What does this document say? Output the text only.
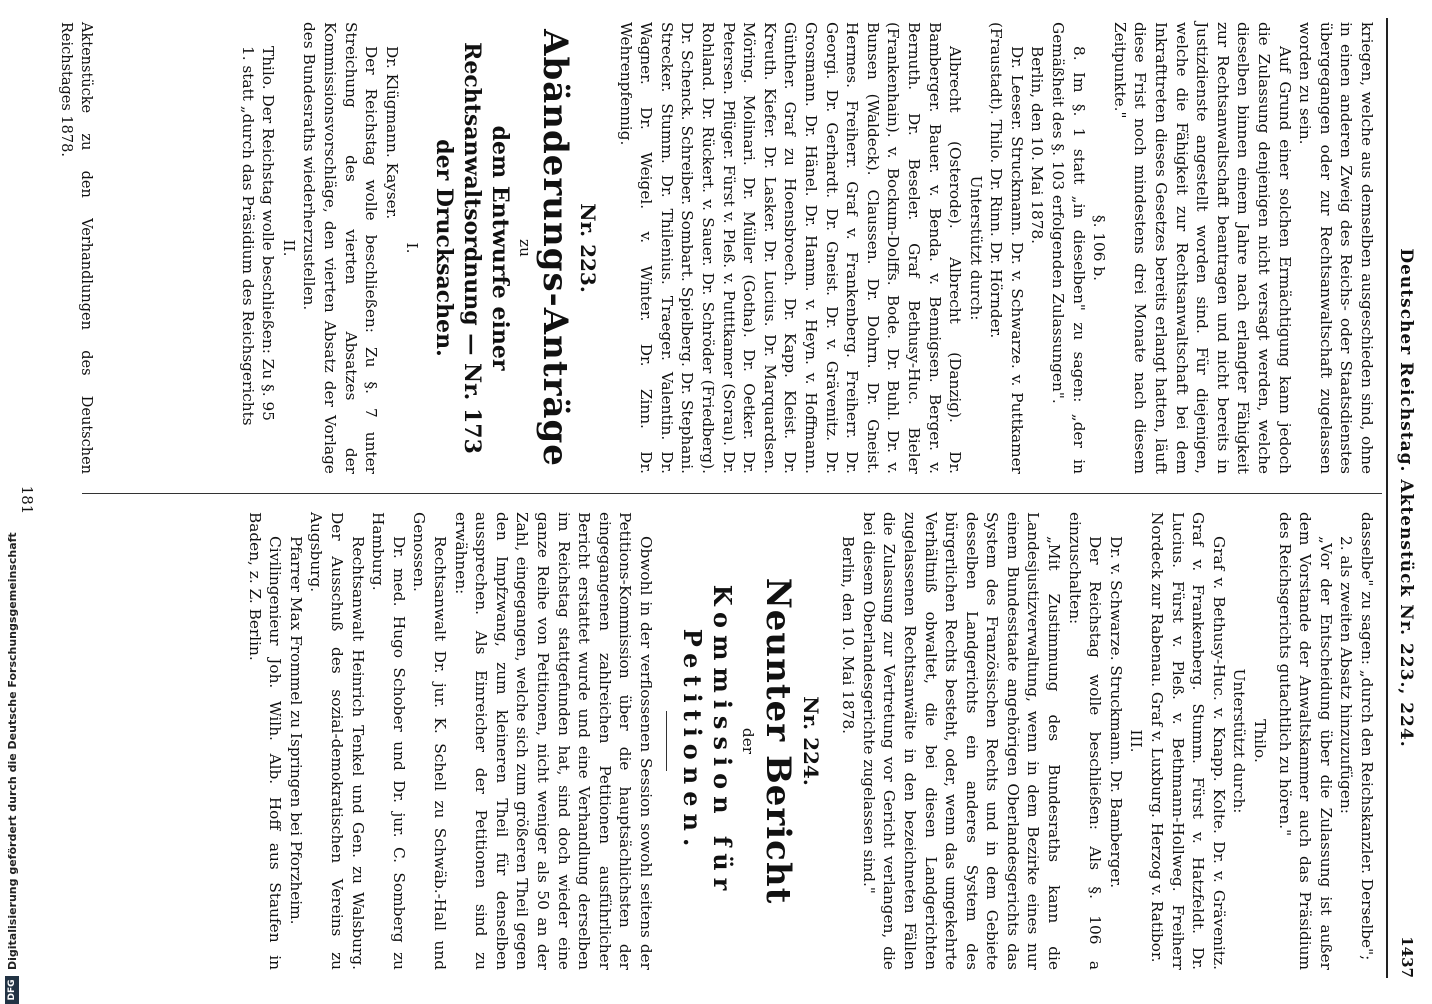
Deutscher Reichstag. Aktenstück Nr. 223., 224.
1437

kriegen, welche aus demselben ausgeschieden sind, ohne in einen anderen Zweig des Reichs- oder Staatsdienstes übergegangen oder zur Rechtsanwaltschaft zugelassen worden zu sein.

Auf Grund einer solchen Ermächtigung kann jedoch die Zulassung denjenigen nicht versagt werden, welche dieselben binnen einem Jahre nach erlangter Fähigkeit zur Rechtsanwaltschaft beantragen und nicht bereits in Justizdienste angestellt worden sind. Für diejenigen, welche die Fähigkeit zur Rechtsanwaltschaft bei dem Inkrafttreten dieses Gesetzes bereits erlangt hatten, läuft diese Frist noch mindestens drei Monate nach diesem Zeitpunkte."

§. 106 b.

8. Im §. 1 statt „in dieselben" zu sagen: „der in Gemäßheit des §. 103 erfolgenden Zulassungen".

Berlin, den 10. Mai 1878.

Dr. Leeser. Struckmann. Dr. v. Schwarze. v. Puttkamer (Fraustadt). Thilo. Dr. Rinn. Dr. Hörnder.

Unterstützt durch:

Albrecht (Osterode). Albrecht (Danzig). Dr. Bamberger. Bauer. v. Benda. v. Bennigsen. Berger. v. Bernuth. Dr. Beseler. Graf Bethusy-Huc. Bieler (Frankenhain). v. Bockum-Dolffs. Bode. Dr. Buhl. Dr. v. Bunsen (Waldeck). Claussen. Dr. Dohrn. Dr. Gneist. Hermes. Freiherr. Graf v. Frankenberg. Freiherr. Dr. Georgi. Dr. Gerhardt. Dr. Gneist. Dr. v. Grävenitz. Dr. Grosmann. Dr. Hänel. Dr. Hamm. v. Heyn. v. Hoffmann. Günther. Graf zu Hoensbroech. Dr. Kapp. Kleist. Dr. Kreuth. Kiefer. Dr. Lasker. Dr. Lucius. Dr. Marquardsen. Möring. Molinari. Dr. Müller (Gotha). Dr. Oetker. Dr. Petersen. Pflüger. Fürst v. Pleß. v. Putttkamer (Sorau). Dr. Rohland. Dr. Rückert. v. Sauer. Dr. Schröder (Friedberg). Dr. Schenck. Schreiber. Sombart. Spielberg. Dr. Stephani. Strecker. Stumm. Dr. Thilenius. Traeger. Valentin. Dr. Wagner. Dr. Weigel. v. Winter. Dr. Zinn. Dr. Wehrenpfennig.

Nr. 223.

Abänderungs-Anträge

zu

dem Entwurfe einer Rechtsanwaltsordnung — Nr. 173 der Drucksachen.

I.

Dr. Klügmann. Kayser.

Der Reichstag wolle beschließen: Zu §. 7 unter Streichung des vierten Absatzes der Kommissionsvorschläge, den vierten Absatz der Vorlage des Bundesraths wiederherzustellen.

II.

Thilo. Der Reichstag wolle beschließen: Zu §. 95

1. statt „durch das Präsidium des Reichsgerichts

Aktenstücke zu den Verhandlungen des Deutschen Reichstages 1878.
181

dasselbe" zu sagen: „durch den Reichskanzler. Derselbe";

2. als zweiten Absatz hinzuzufügen:

„Vor der Entscheidung über die Zulassung ist außer dem Vorstande der Anwaltskammer auch das Präsidium des Reichsgerichts gutachtlich zu hören."

Thilo.

Unterstützt durch:

Graf v. Bethusy-Huc. v. Knapp. Kolte. Dr. v. Grävenitz. Graf v. Frankenberg. Stumm. Fürst v. Hatzfeldt. Dr. Lucius. Fürst v. Pleß. v. Bethmann-Hollweg. Freiherr Nordeck zur Rabenau. Graf v. Luxburg. Herzog v. Ratibor.

III.

Dr. v. Schwarze. Struckmann. Dr. Bamberger.

Der Reichstag wolle beschließen: Als §. 106 a einzuschalten:

„Mit Zustimmung des Bundesraths kann die Landesjustizverwaltung, wenn in dem Bezirke eines nur einem Bundesstaate angehörigen Oberlandesgerichts das System des Französischen Rechts und in dem Gebiete desselben Landgerichts ein anderes System des bürgerlichen Rechts besteht, oder, wenn das umgekehrte Verhältniß obwaltet, die bei diesen Landgerichten zugelassenen Rechtsanwälte in den bezeichneten Fällen die Zulassung zur Vertretung vor Gericht verlangen, die bei diesem Oberlandesgerichte zugelassen sind."

Berlin, den 10. Mai 1878.

Nr. 224.

Neunter Bericht

der

Kommission für Petitionen.

Obwohl in der verflossenen Session sowohl seitens der Petitions-Kommission über die hauptsächlichsten der eingegangenen zahlreichen Petitionen ausführlicher Bericht erstattet wurde und eine Verhandlung derselben im Reichstag stattgefunden hat, sind doch wieder eine ganze Reihe von Petitionen, nicht weniger als 50 an der Zahl, eingegangen, welche sich zum größeren Theil gegen den Impfzwang, zum kleineren Theil für denselben aussprechen. Als Einreicher der Petitionen sind zu erwähnen:

Rechtsanwalt Dr. jur. K. Schell zu Schwäb.-Hall und Genossen.

Dr. med. Hugo Schober und Dr. jur. C. Somberg zu Hamburg.

Rechtsanwalt Heinrich Tenkel und Gen. zu Walsburg. Der Ausschuß des sozial-demokratischen Vereins zu Augsburg.

Pfarrer Max Frommel zu Ispringen bei Pforzheim.

Civilingenieur Joh. Wilh. Alb. Hoff aus Staufen in Baden, z. Z. Berlin.

DFG
Digitalisierung gefördert durch die Deutsche Forschungsgemeinschaft
